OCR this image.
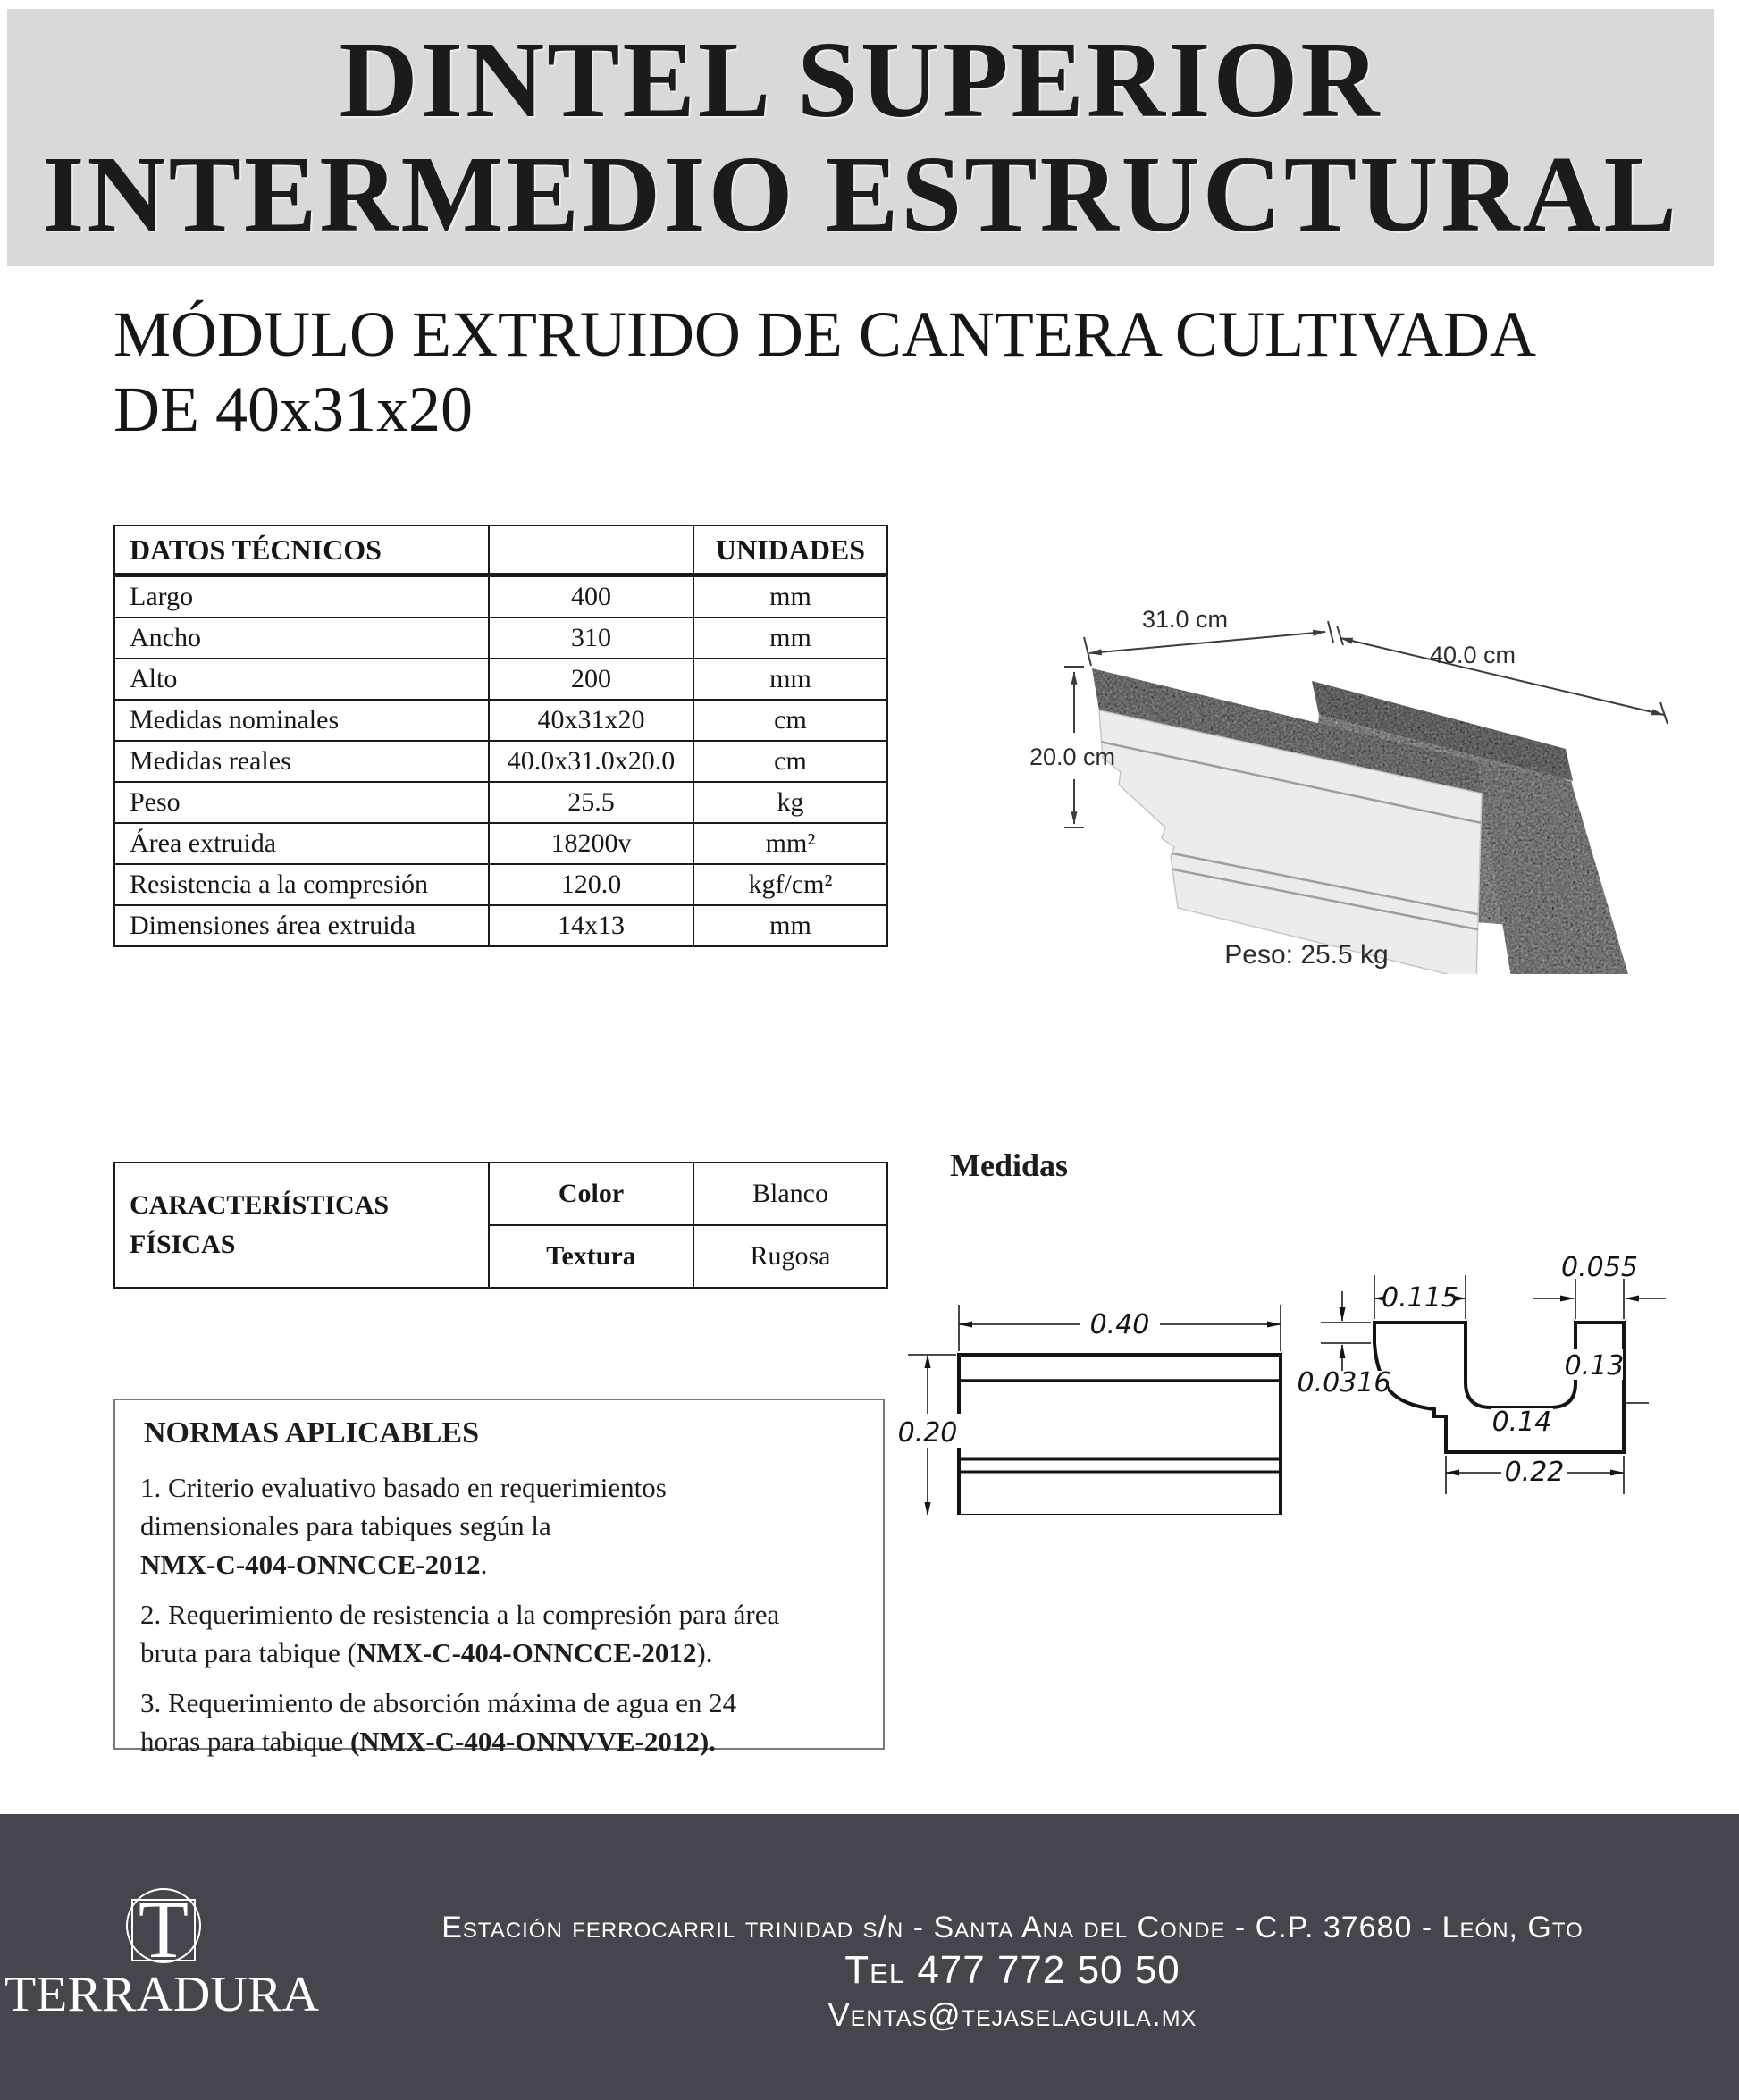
DINTEL SUPERIOR
INTERMEDIO ESTRUCTURAL
MÓDULO EXTRUIDO DE CANTERA CULTIVADA
DE 40x31x20
DATOS TÉCNICOS		UNIDADES
Largo	400	mm
Ancho	310	mm
Alto	200	mm
Medidas nominales	40x31x20	cm
Medidas reales	40.0x31.0x20.0	cm
Peso	25.5	kg
Área extruida	18200v	mm²
Resistencia a la compresión	120.0	kgf/cm²
Dimensiones área extruida	14x13	mm
31.0 cm
40.0 cm
20.0 cm
Peso: 25.5 kg
CARACTERÍSTICAS
FÍSICAS	Color	Blanco
	Textura	Rugosa
Medidas
0.40
0.20
0.115
0.055
0.0316
0.13
0.14
0.22
NORMAS APLICABLES
1. Criterio evaluativo basado en requerimientos
dimensionales para tabiques según la
NMX-C-404-ONNCCE-2012.
2. Requerimiento de resistencia a la compresión para área
bruta para tabique (NMX-C-404-ONNCCE-2012).
3. Requerimiento de absorción máxima de agua en 24
horas para tabique (NMX-C-404-ONNVVE-2012).
T
TERRADURA
Estación ferrocarril trinidad s/n - Santa Ana del Conde - C.P. 37680 - León, Gto
Tel 477 772 50 50
Ventas@tejaselaguila.mx
